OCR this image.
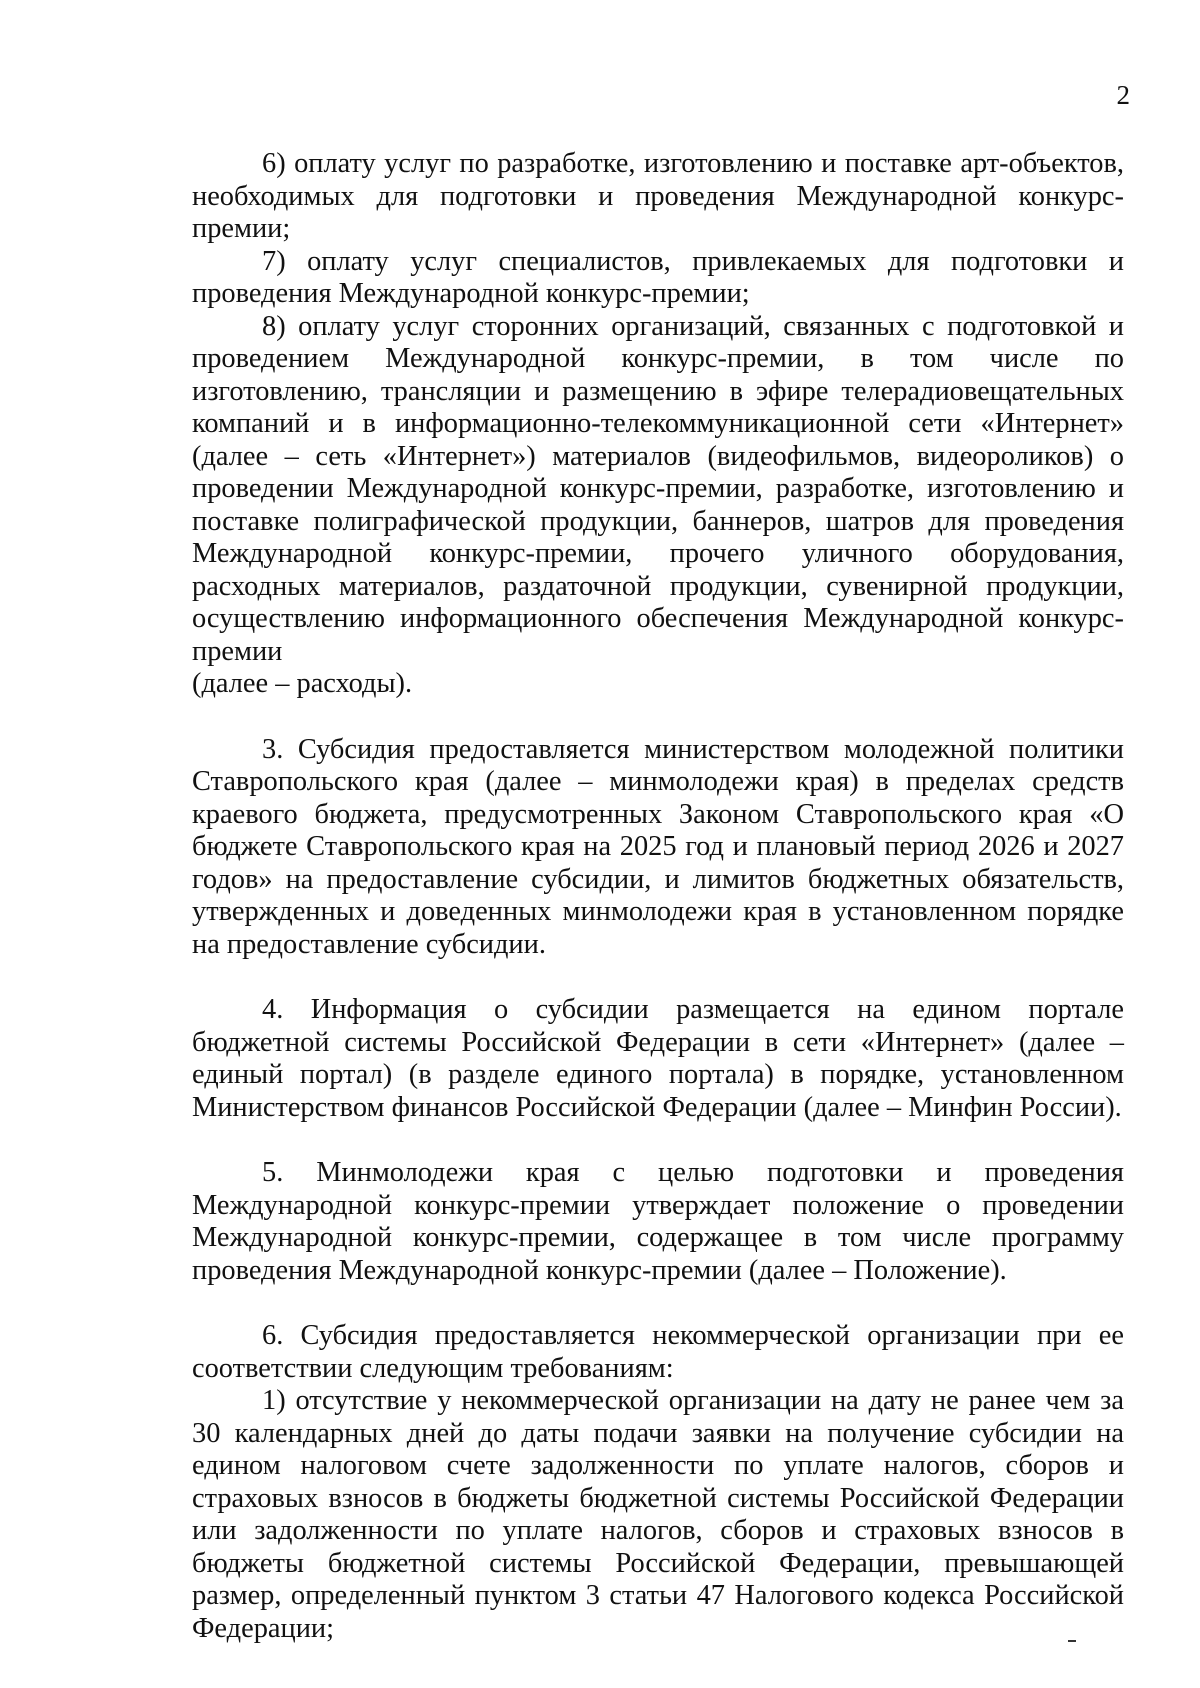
2

6) оплату услуг по разработке, изготовлению и поставке арт-объектов, необходимых для подготовки и проведения Международной конкурс-премии;

7) оплату услуг специалистов, привлекаемых для подготовки и проведения Международной конкурс-премии;

8) оплату услуг сторонних организаций, связанных с подготовкой и проведением Международной конкурс-премии, в том числе по изготовлению, трансляции и размещению в эфире телерадиовещательных компаний и в информационно-телекоммуникационной сети «Интернет» (далее – сеть «Интернет») материалов (видеофильмов, видеороликов) о проведении Международной конкурс-премии, разработке, изготовлению и поставке полиграфической продукции, баннеров, шатров для проведения Международной конкурс-премии, прочего уличного оборудования, расходных материалов, раздаточной продукции, сувенирной продукции, осуществлению информационного обеспечения Международной конкурс-премии

(далее – расходы).

3. Субсидия предоставляется министерством молодежной политики Ставропольского края (далее – минмолодежи края) в пределах средств краевого бюджета, предусмотренных Законом Ставропольского края «О бюджете Ставропольского края на 2025 год и плановый период 2026 и 2027 годов» на предоставление субсидии, и лимитов бюджетных обязательств, утвержденных и доведенных минмолодежи края в установленном порядке на предоставление субсидии.

4. Информация о субсидии размещается на едином портале бюджетной системы Российской Федерации в сети «Интернет» (далее – единый портал) (в разделе единого портала) в порядке, установленном Министерством финансов Российской Федерации (далее – Минфин России).

5. Минмолодежи края с целью подготовки и проведения Международной конкурс-премии утверждает положение о проведении Международной конкурс-премии, содержащее в том числе программу проведения Международной конкурс-премии (далее – Положение).

6. Субсидия предоставляется некоммерческой организации при ее соответствии следующим требованиям:

1) отсутствие у некоммерческой организации на дату не ранее чем за 30 календарных дней до даты подачи заявки на получение субсидии на едином налоговом счете задолженности по уплате налогов, сборов и страховых взносов в бюджеты бюджетной системы Российской Федерации или задолженности по уплате налогов, сборов и страховых взносов в бюджеты бюджетной системы Российской Федерации, превышающей размер, определенный пунктом 3 статьи 47 Налогового кодекса Российской Федерации;
